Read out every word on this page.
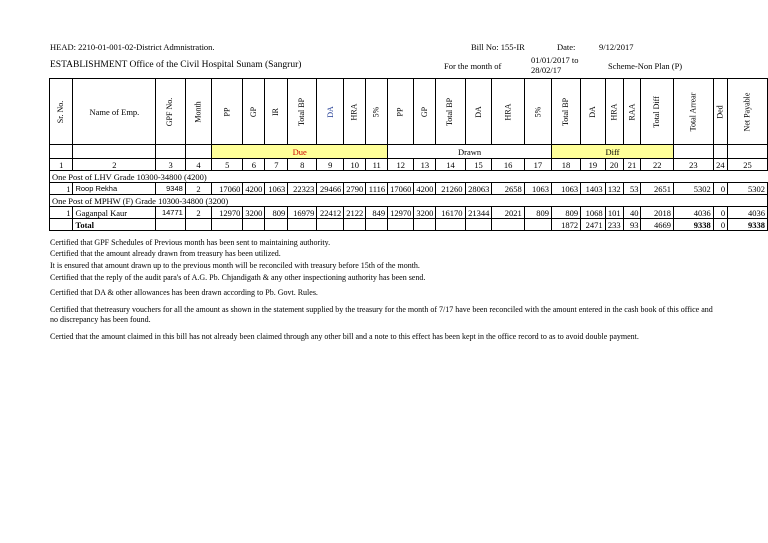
HEAD: 2210-01-001-02-District Admnistration.	Bill No: 155-IR	Date:	9/12/2017
ESTABLISHMENT Office of the Civil Hospital Sunam (Sangrur)	For the month of
01/01/2017 to
28/02/17	Scheme-Non Plan (P)
Sr. No.	Name of Emp.	GPF No.	Month	PP	GP	IR	Total BP	DA	HRA	5%	PP	GP	Total BP	DA	HRA	5%	Total BP	DA	HRA	RAA	Total Diff	Total Arrear	Ded	Net Payable
				Due							Drawn						Diff							
1	2	3	4	5	6	7	8	9	10	11	12	13	14	15	16	17	18	19	20	21	22	23	24	25
One Post of LHV Grade 10300-34800 (4200)																								
1	Roop Rekha	9348	2	17060	4200	1063	22323	29466	2790	1116	17060	4200	21260	28063	2658	1063	1063	1403	132	53	2651	5302	0	5302
One Post of MPHW (F) Grade 10300-34800 (3200)																								
1	Gaganpal Kaur	14771	2	12970	3200	809	16979	22412	2122	849	12970	3200	16170	21344	2021	809	809	1068	101	40	2018	4036	0	4036
	Total																1872	2471	233	93	4669	9338	0	9338
Certified that GPF Schedules of Previous month has been sent to maintaining authority.
Certified that the amount already drawn from treasury has been utilized.
It is ensured that amount drawn up to the previous month will be reconciled with treasury before 15th of the month.
Certified that the reply of the audit para's of A.G. Pb. Chjandigath & any other inspectioning authority has been send.
Certified that DA & other allowances has been drawn according to Pb. Govt. Rules.
Certified that thetreasury vouchers for all the amount as shown in the statement supplied by the treasury for the month of 7/17 have been reconciled with the amount entered in the cash book of this office and no discrepancy has been found.
Certied that the amount claimed in this bill has not already been claimed through any other bill and a note to this effect has been kept in the office record to as to avoid double payment.
